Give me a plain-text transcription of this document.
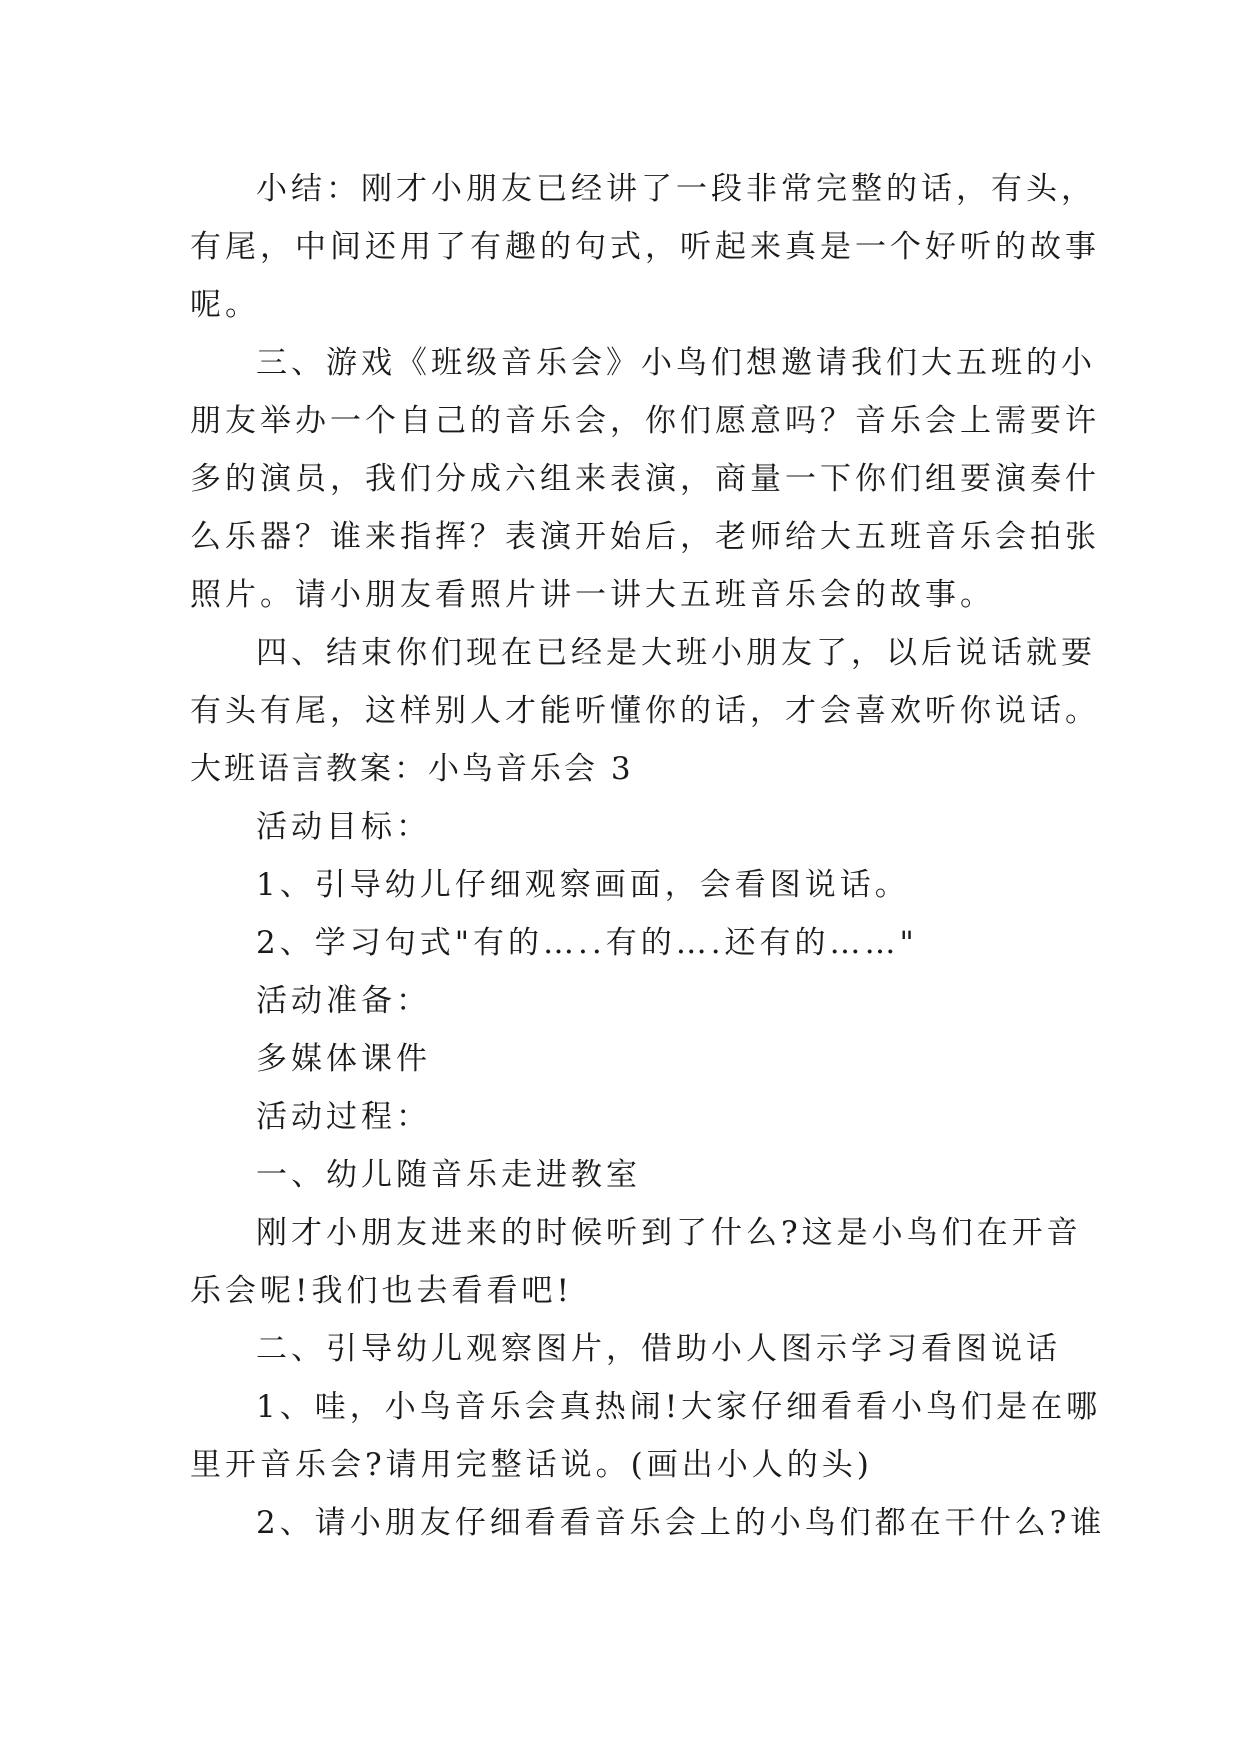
小结：刚才小朋友已经讲了一段非常完整的话，有头，
有尾，中间还用了有趣的句式，听起来真是一个好听的故事
呢。
三、游戏《班级音乐会》小鸟们想邀请我们大五班的小
朋友举办一个自己的音乐会，你们愿意吗？音乐会上需要许
多的演员，我们分成六组来表演，商量一下你们组要演奏什
么乐器？谁来指挥？表演开始后，老师给大五班音乐会拍张
照片。请小朋友看照片讲一讲大五班音乐会的故事。
四、结束你们现在已经是大班小朋友了，以后说话就要
有头有尾，这样别人才能听懂你的话，才会喜欢听你说话。
大班语言教案：小鸟音乐会 3
活动目标：
1、引导幼儿仔细观察画面，会看图说话。
2、学习句式"有的…..有的….还有的……"
活动准备：
多媒体课件
活动过程：
一、幼儿随音乐走进教室
刚才小朋友进来的时候听到了什么?这是小鸟们在开音
乐会呢!我们也去看看吧!
二、引导幼儿观察图片，借助小人图示学习看图说话
1、哇，小鸟音乐会真热闹!大家仔细看看小鸟们是在哪
里开音乐会?请用完整话说。(画出小人的头)
2、请小朋友仔细看看音乐会上的小鸟们都在干什么?谁
